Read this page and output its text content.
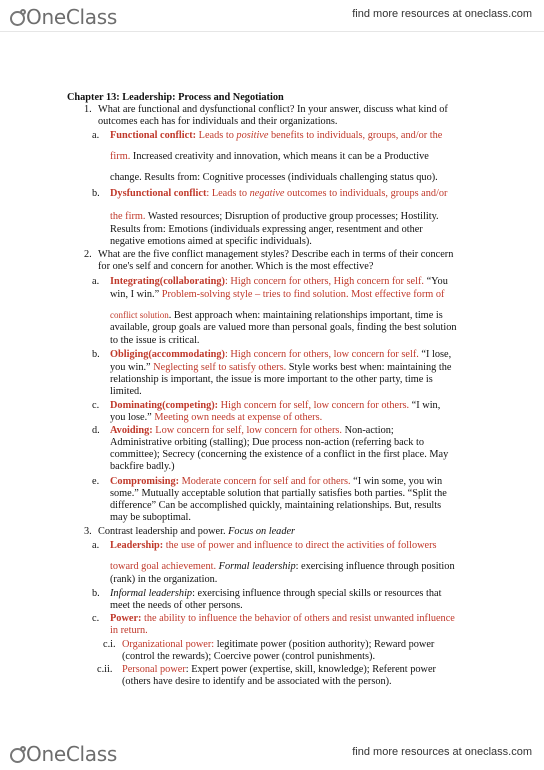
OneClass	find more resources at oneclass.com
Chapter 13: Leadership: Process and Negotiation
1. What are functional and dysfunctional conflict? In your answer, discuss what kind of
outcomes each has for individuals and their organizations.
a. Functional conflict: Leads to positive benefits to individuals, groups, and/or the
firm. Increased creativity and innovation, which means it can be a Productive
change. Results from: Cognitive processes (individuals challenging status quo).
b. Dysfunctional conflict: Leads to negative outcomes to individuals, groups and/or
the firm. Wasted resources; Disruption of productive group processes; Hostility.
Results from: Emotions (individuals expressing anger, resentment and other
negative emotions aimed at specific individuals).
2. What are the five conflict management styles? Describe each in terms of their concern
for one's self and concern for another. Which is the most effective?
a. Integrating(collaborating): High concern for others, High concern for self. “You
win, I win.” Problem-solving style – tries to find solution. Most effective form of
conflict solution. Best approach when: maintaining relationships important, time is
available, group goals are valued more than personal goals, finding the best solution
to the issue is critical.
b. Obliging(accommodating): High concern for others, low concern for self. “I lose,
you win.” Neglecting self to satisfy others. Style works best when: maintaining the
relationship is important, the issue is more important to the other party, time is
limited.
c. Dominating(competing): High concern for self, low concern for others. “I win,
you lose.” Meeting own needs at expense of others.
d. Avoiding: Low concern for self, low concern for others. Non-action;
Administrative orbiting (stalling); Due process non-action (referring back to
committee); Secrecy (concerning the existence of a conflict in the first place. May
backfire badly.)
e. Compromising: Moderate concern for self and for others. “I win some, you win
some.” Mutually acceptable solution that partially satisfies both parties. “Split the
difference” Can be accomplished quickly, maintaining relationships. But, results
may be suboptimal.
3. Contrast leadership and power. Focus on leader
a. Leadership: the use of power and influence to direct the activities of followers
toward goal achievement. Formal leadership: exercising influence through position
(rank) in the organization.
b. Informal leadership: exercising influence through special skills or resources that
meet the needs of other persons.
c. Power: the ability to influence the behavior of others and resist unwanted influence
in return.
c.i. Organizational power: legitimate power (position authority); Reward power
(control the rewards); Coercive power (control punishments).
c.ii. Personal power: Expert power (expertise, skill, knowledge); Referent power
(others have desire to identify and be associated with the person).
OneClass	find more resources at oneclass.com
